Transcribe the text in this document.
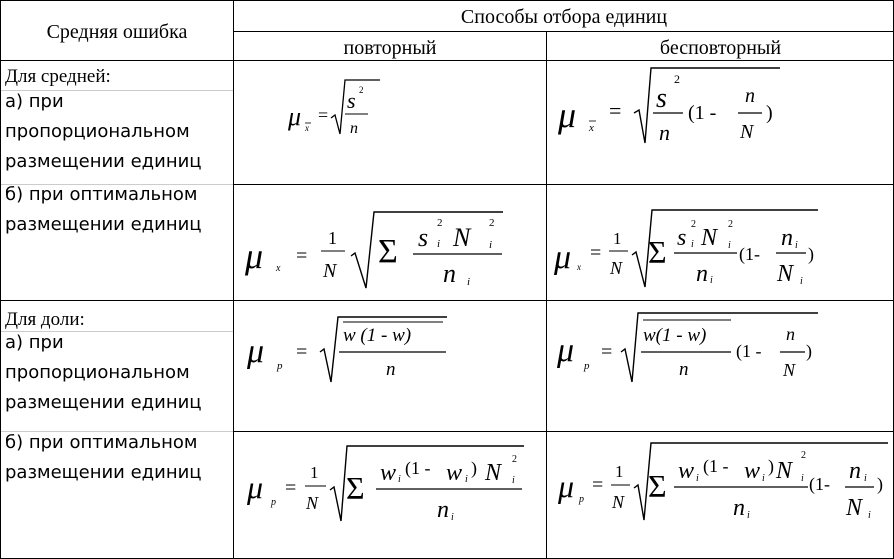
Средняя ошибка
Способы отбора единиц
повторный	бесповторный
Для средней:
а) при
пропорциональном
размещении единиц
б) при оптимальном
размещении единиц
Для доли:
а) при
пропорциональном
размещении единиц
б) при оптимальном
размещении единиц
μ x
=
s 2
n	μ x
= s
2
n
(1 -
n
N
)
μ x
=
1
N
Σ s 2
i N 2
i
n i
μ x
=
1
N Σ s
2
i N
2
i
n i
(1-
n i
N i
)
μ p
=
w (1 - w)
n
μ p
=
w(1 - w)
n
(1 -
n
N
)
μ p
=
1
N Σ w i
(1 - w i
) N
2
i
n i
μ p
=
1
N Σ w i
(1 - w i
) N
2
i
n i
(1- n i
N i
)
